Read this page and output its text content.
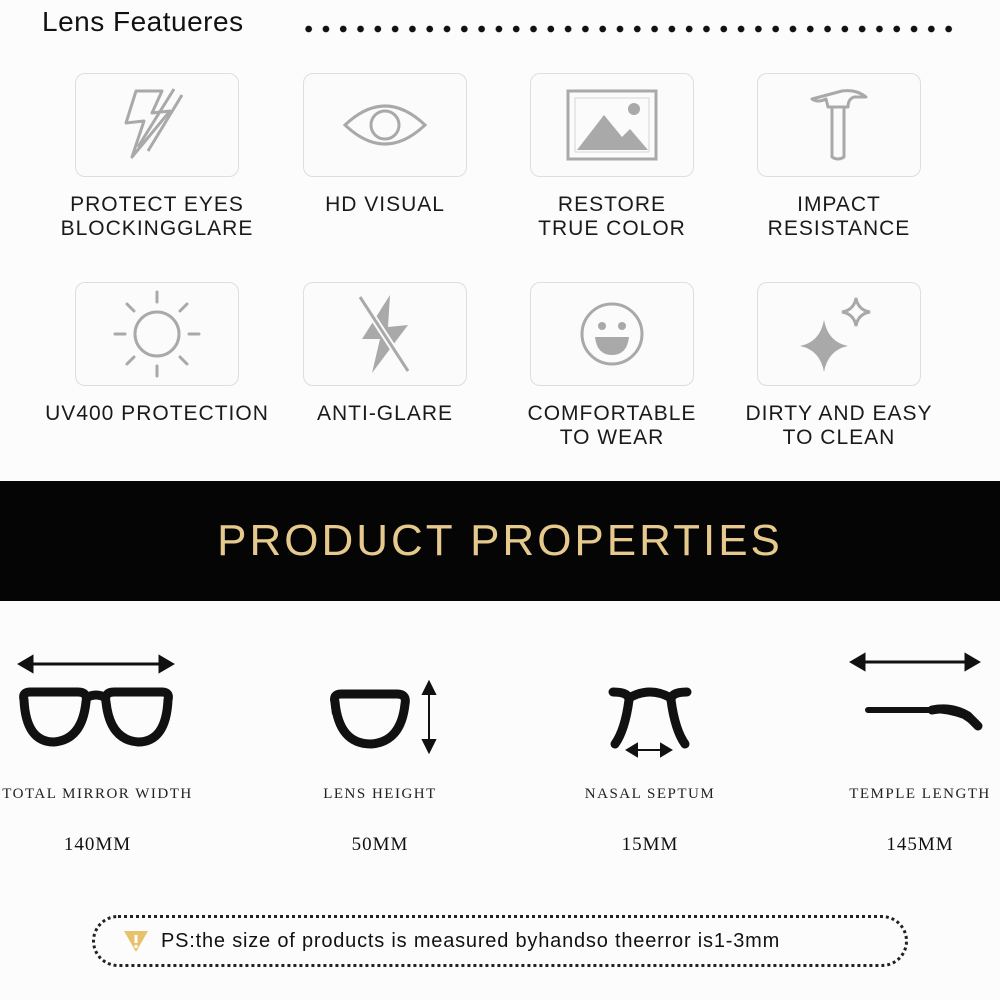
Lens Featueres
PROTECT EYES
BLOCKINGGLARE
HD VISUAL	RESTORE
TRUE COLOR
IMPACT
RESISTANCE
UV400 PROTECTION	ANTI-GLARE	COMFORTABLE
TO WEAR
DIRTY AND EASY
TO CLEAN
PRODUCT PROPERTIES
TOTAL MIRROR WIDTH
140MM
LENS HEIGHT
50MM
NASAL SEPTUM
15MM
TEMPLE LENGTH
145MM
PS:the size of products is measured byhandso theerror is1-3mm
